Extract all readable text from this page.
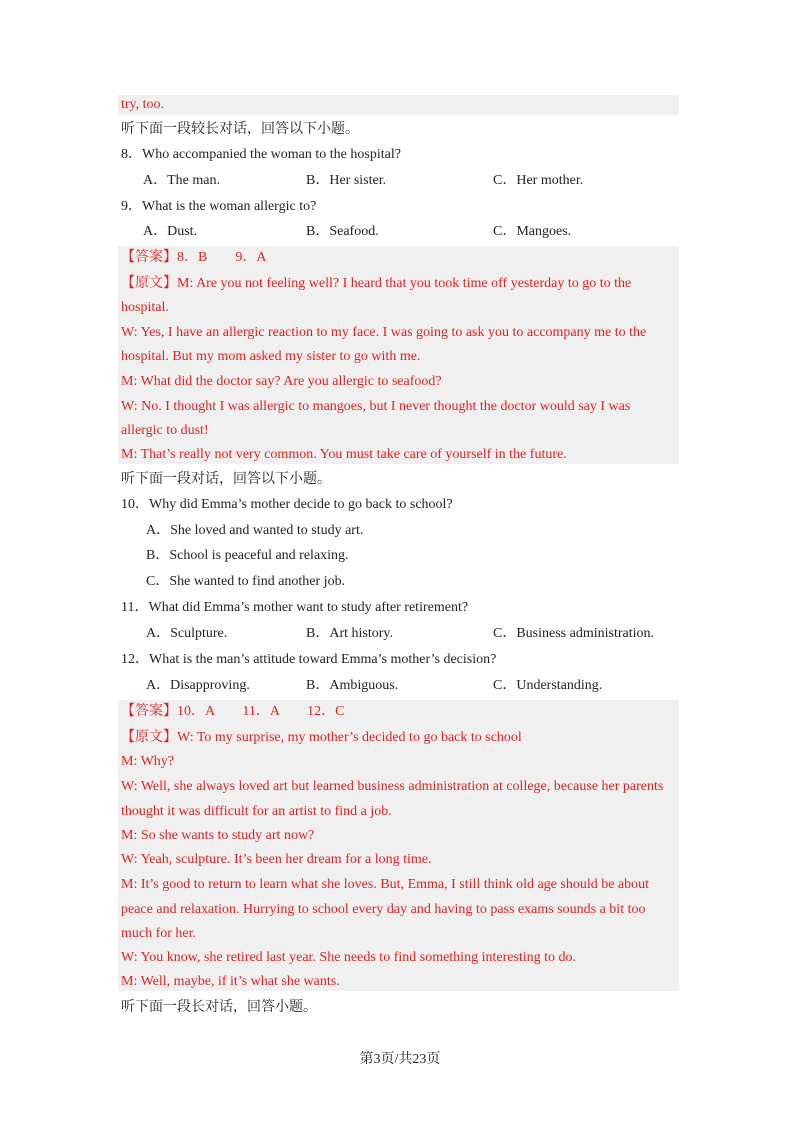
try, too.
听下面一段较长对话，回答以下小题。
8．Who accompanied the woman to the hospital?
A．The man.	B．Her sister.	C．Her mother.
9．What is the woman allergic to?
A．Dust.	B．Seafood.	C．Mangoes.
【答案】8．B　　9．A
【原文】M: Are you not feeling well? I heard that you took time off yesterday to go to the
hospital.
W: Yes, I have an allergic reaction to my face. I was going to ask you to accompany me to the
hospital. But my mom asked my sister to go with me.
M: What did the doctor say? Are you allergic to seafood?
W: No. I thought I was allergic to mangoes, but I never thought the doctor would say I was
allergic to dust!
M: That’s really not very common. You must take care of yourself in the future.
听下面一段对话，回答以下小题。
10．Why did Emma’s mother decide to go back to school?
A．She loved and wanted to study art.
B．School is peaceful and relaxing.
C．She wanted to find another job.
11．What did Emma’s mother want to study after retirement?
A．Sculpture.	B．Art history.	C．Business administration.
12．What is the man’s attitude toward Emma’s mother’s decision?
A．Disapproving.	B．Ambiguous.	C．Understanding.
【答案】10．A　　11．A　　12．C
【原文】W: To my surprise, my mother’s decided to go back to school
M: Why?
W: Well, she always loved art but learned business administration at college, because her parents
thought it was difficult for an artist to find a job.
M: So she wants to study art now?
W: Yeah, sculpture. It’s been her dream for a long time.
M: It’s good to return to learn what she loves. But, Emma, I still think old age should be about
peace and relaxation. Hurrying to school every day and having to pass exams sounds a bit too
much for her.
W: You know, she retired last year. She needs to find something interesting to do.
M: Well, maybe, if it’s what she wants.
听下面一段长对话，回答小题。
第3页/共23页
